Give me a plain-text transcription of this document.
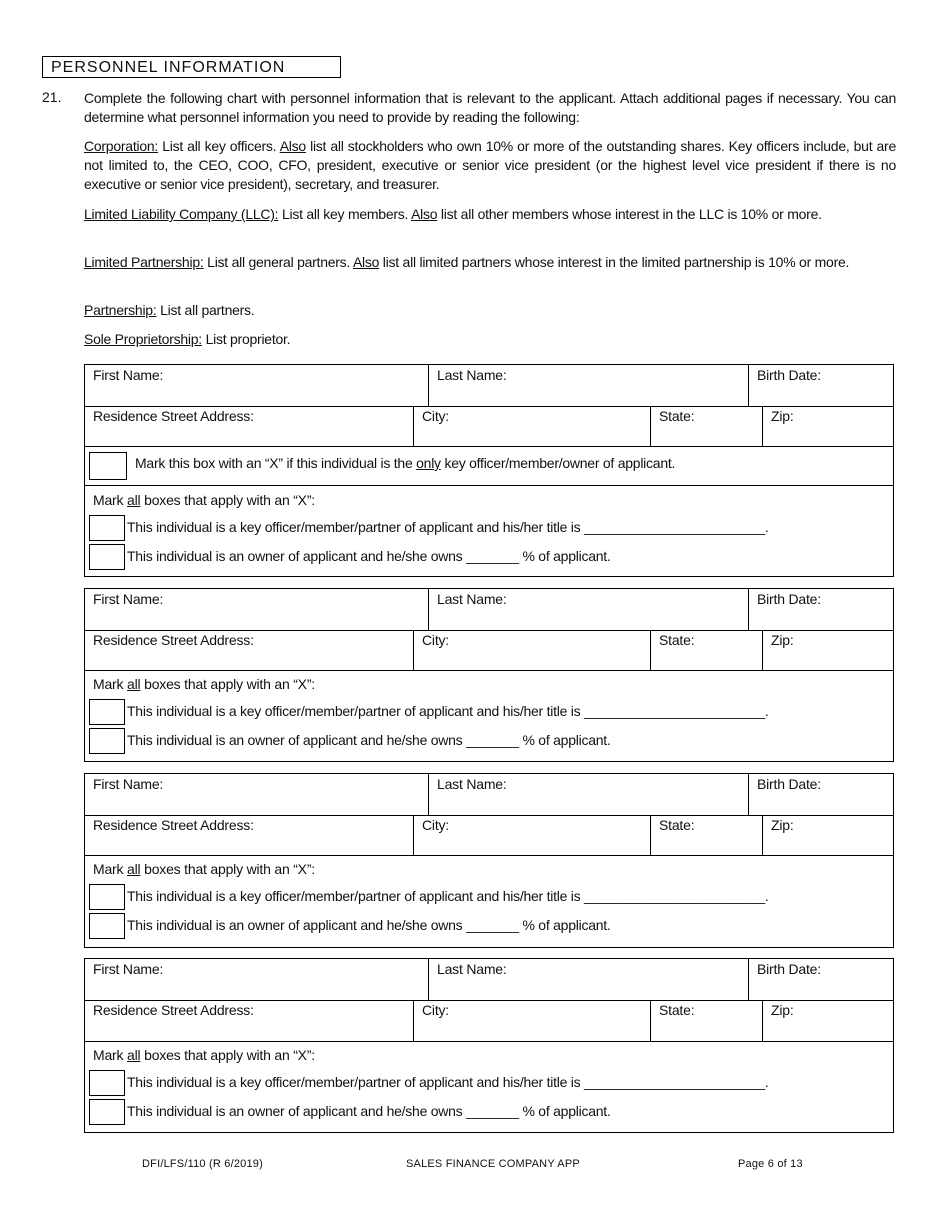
PERSONNEL INFORMATION
21. Complete the following chart with personnel information that is relevant to the applicant. Attach additional pages if necessary. You can determine what personnel information you need to provide by reading the following:
Corporation: List all key officers. Also list all stockholders who own 10% or more of the outstanding shares. Key officers include, but are not limited to, the CEO, COO, CFO, president, executive or senior vice president (or the highest level vice president if there is no executive or senior vice president), secretary, and treasurer.
Limited Liability Company (LLC): List all key members. Also list all other members whose interest in the LLC is 10% or more.
Limited Partnership: List all general partners. Also list all limited partners whose interest in the limited partnership is 10% or more.
Partnership: List all partners.
Sole Proprietorship: List proprietor.
First Name:	Last Name:	Birth Date:
Residence Street Address:	City:	State:	Zip:
Mark this box with an “X” if this individual is the only key officer/member/owner of applicant.
Mark all boxes that apply with an “X”:
This individual is a key officer/member/partner of applicant and his/her title is ________________________.
This individual is an owner of applicant and he/she owns _______ % of applicant.
First Name:	Last Name:	Birth Date:
Residence Street Address:	City:	State:	Zip:
Mark all boxes that apply with an “X”:
This individual is a key officer/member/partner of applicant and his/her title is ________________________.
This individual is an owner of applicant and he/she owns _______ % of applicant.
First Name:	Last Name:	Birth Date:
Residence Street Address:	City:	State:	Zip:
Mark all boxes that apply with an “X”:
This individual is a key officer/member/partner of applicant and his/her title is ________________________.
This individual is an owner of applicant and he/she owns _______ % of applicant.
First Name:	Last Name:	Birth Date:
Residence Street Address:	City:	State:	Zip:
Mark all boxes that apply with an “X”:
This individual is a key officer/member/partner of applicant and his/her title is ________________________.
This individual is an owner of applicant and he/she owns _______ % of applicant.
DFI/LFS/110 (R 6/2019)	SALES FINANCE COMPANY APP	Page 6 of 13
